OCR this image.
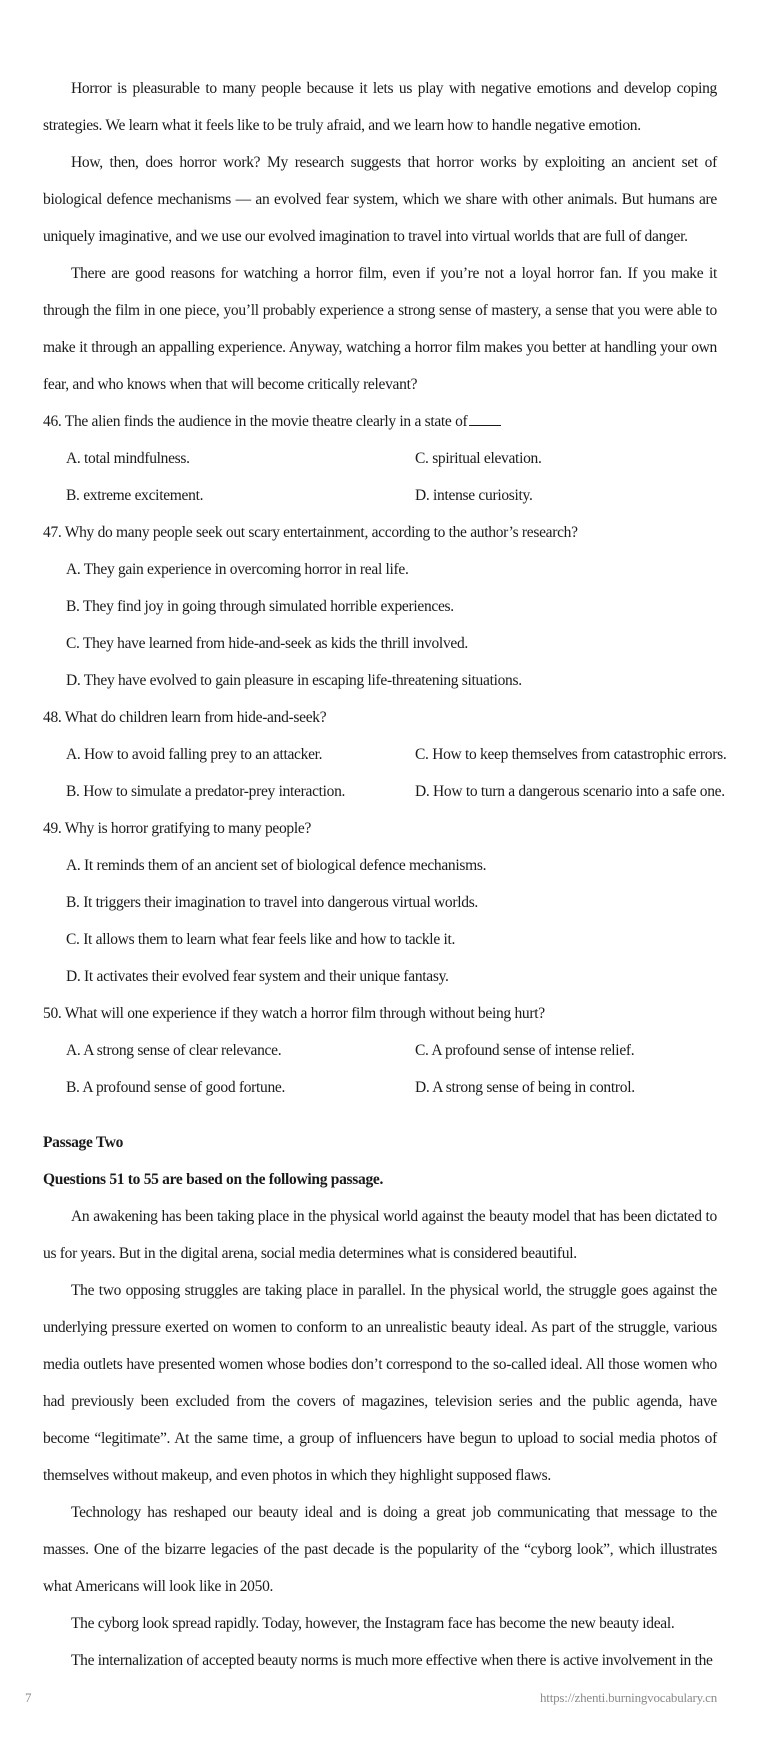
Horror is pleasurable to many people because it lets us play with negative emotions and develop coping strategies. We learn what it feels like to be truly afraid, and we learn how to handle negative emotion.

How, then, does horror work? My research suggests that horror works by exploiting an ancient set of biological defence mechanisms — an evolved fear system, which we share with other animals. But humans are uniquely imaginative, and we use our evolved imagination to travel into virtual worlds that are full of danger.

There are good reasons for watching a horror film, even if you’re not a loyal horror fan. If you make it through the film in one piece, you’ll probably experience a strong sense of mastery, a sense that you were able to make it through an appalling experience. Anyway, watching a horror film makes you better at handling your own fear, and who knows when that will become critically relevant?

46. The alien finds the audience in the movie theatre clearly in a state of

A. total mindfulness.	C. spiritual elevation.
B. extreme excitement.	D. intense curiosity.

47. Why do many people seek out scary entertainment, according to the author’s research?

A. They gain experience in overcoming horror in real life.
B. They find joy in going through simulated horrible experiences.
C. They have learned from hide-and-seek as kids the thrill involved.
D. They have evolved to gain pleasure in escaping life-threatening situations.

48. What do children learn from hide-and-seek?

A. How to avoid falling prey to an attacker.	C. How to keep themselves from catastrophic errors.
B. How to simulate a predator-prey interaction.	D. How to turn a dangerous scenario into a safe one.

49. Why is horror gratifying to many people?

A. It reminds them of an ancient set of biological defence mechanisms.
B. It triggers their imagination to travel into dangerous virtual worlds.
C. It allows them to learn what fear feels like and how to tackle it.
D. It activates their evolved fear system and their unique fantasy.

50. What will one experience if they watch a horror film through without being hurt?

A. A strong sense of clear relevance.	C. A profound sense of intense relief.
B. A profound sense of good fortune.	D. A strong sense of being in control.

Passage Two

Questions 51 to 55 are based on the following passage.

An awakening has been taking place in the physical world against the beauty model that has been dictated to us for years. But in the digital arena, social media determines what is considered beautiful.

The two opposing struggles are taking place in parallel. In the physical world, the struggle goes against the underlying pressure exerted on women to conform to an unrealistic beauty ideal. As part of the struggle, various media outlets have presented women whose bodies don’t correspond to the so-called ideal. All those women who had previously been excluded from the covers of magazines, television series and the public agenda, have become “legitimate”. At the same time, a group of influencers have begun to upload to social media photos of themselves without makeup, and even photos in which they highlight supposed flaws.

Technology has reshaped our beauty ideal and is doing a great job communicating that message to the masses. One of the bizarre legacies of the past decade is the popularity of the “cyborg look”, which illustrates what Americans will look like in 2050.

The cyborg look spread rapidly. Today, however, the Instagram face has become the new beauty ideal.

The internalization of accepted beauty norms is much more effective when there is active involvement in the

7	https://zhenti.burningvocabulary.cn
